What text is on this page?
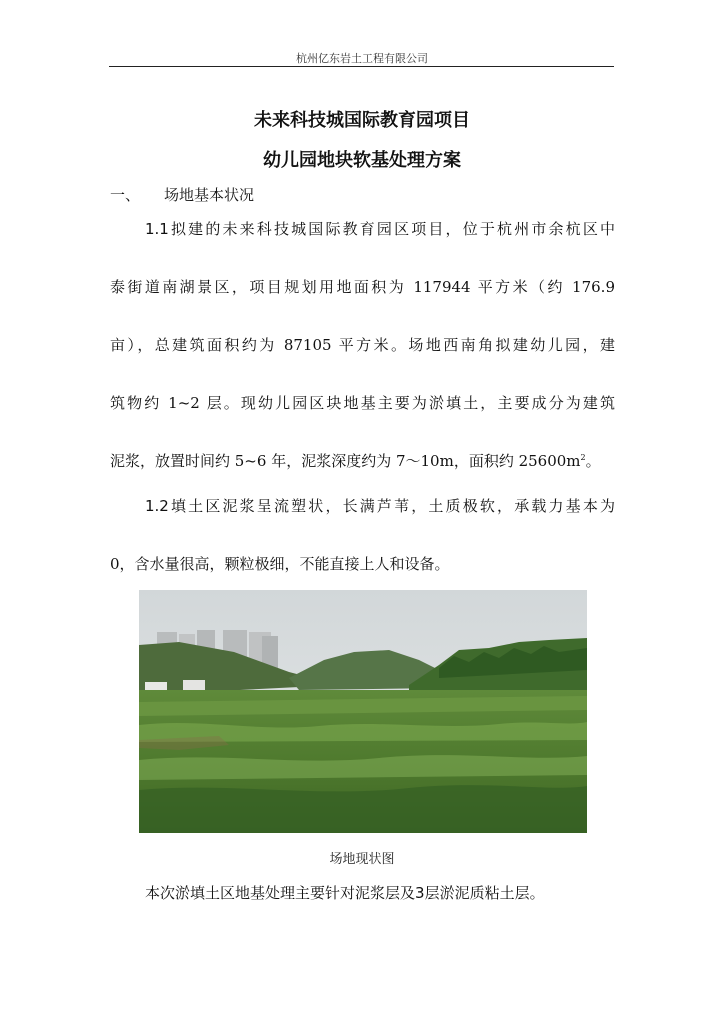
杭州亿东岩土工程有限公司
未来科技城国际教育园项目
幼儿园地块软基处理方案
一、 场地基本状况
1.1拟建的未来科技城国际教育园区项目，位于杭州市余杭区中
泰街道南湖景区，项目规划用地面积为 117944 平方米（约 176.9
亩），总建筑面积约为 87105 平方米。场地西南角拟建幼儿园，建
筑物约 1~2 层。现幼儿园区块地基主要为淤填土，主要成分为建筑
泥浆，放置时间约 5~6 年，泥浆深度约为 7～10m，面积约 $25600m^2$。
1.2填土区泥浆呈流塑状，长满芦苇，土质极软，承载力基本为
0，含水量很高，颗粒极细，不能直接上人和设备。
场地现状图
本次淤填土区地基处理主要针对泥浆层及3层淤泥质粘土层。
